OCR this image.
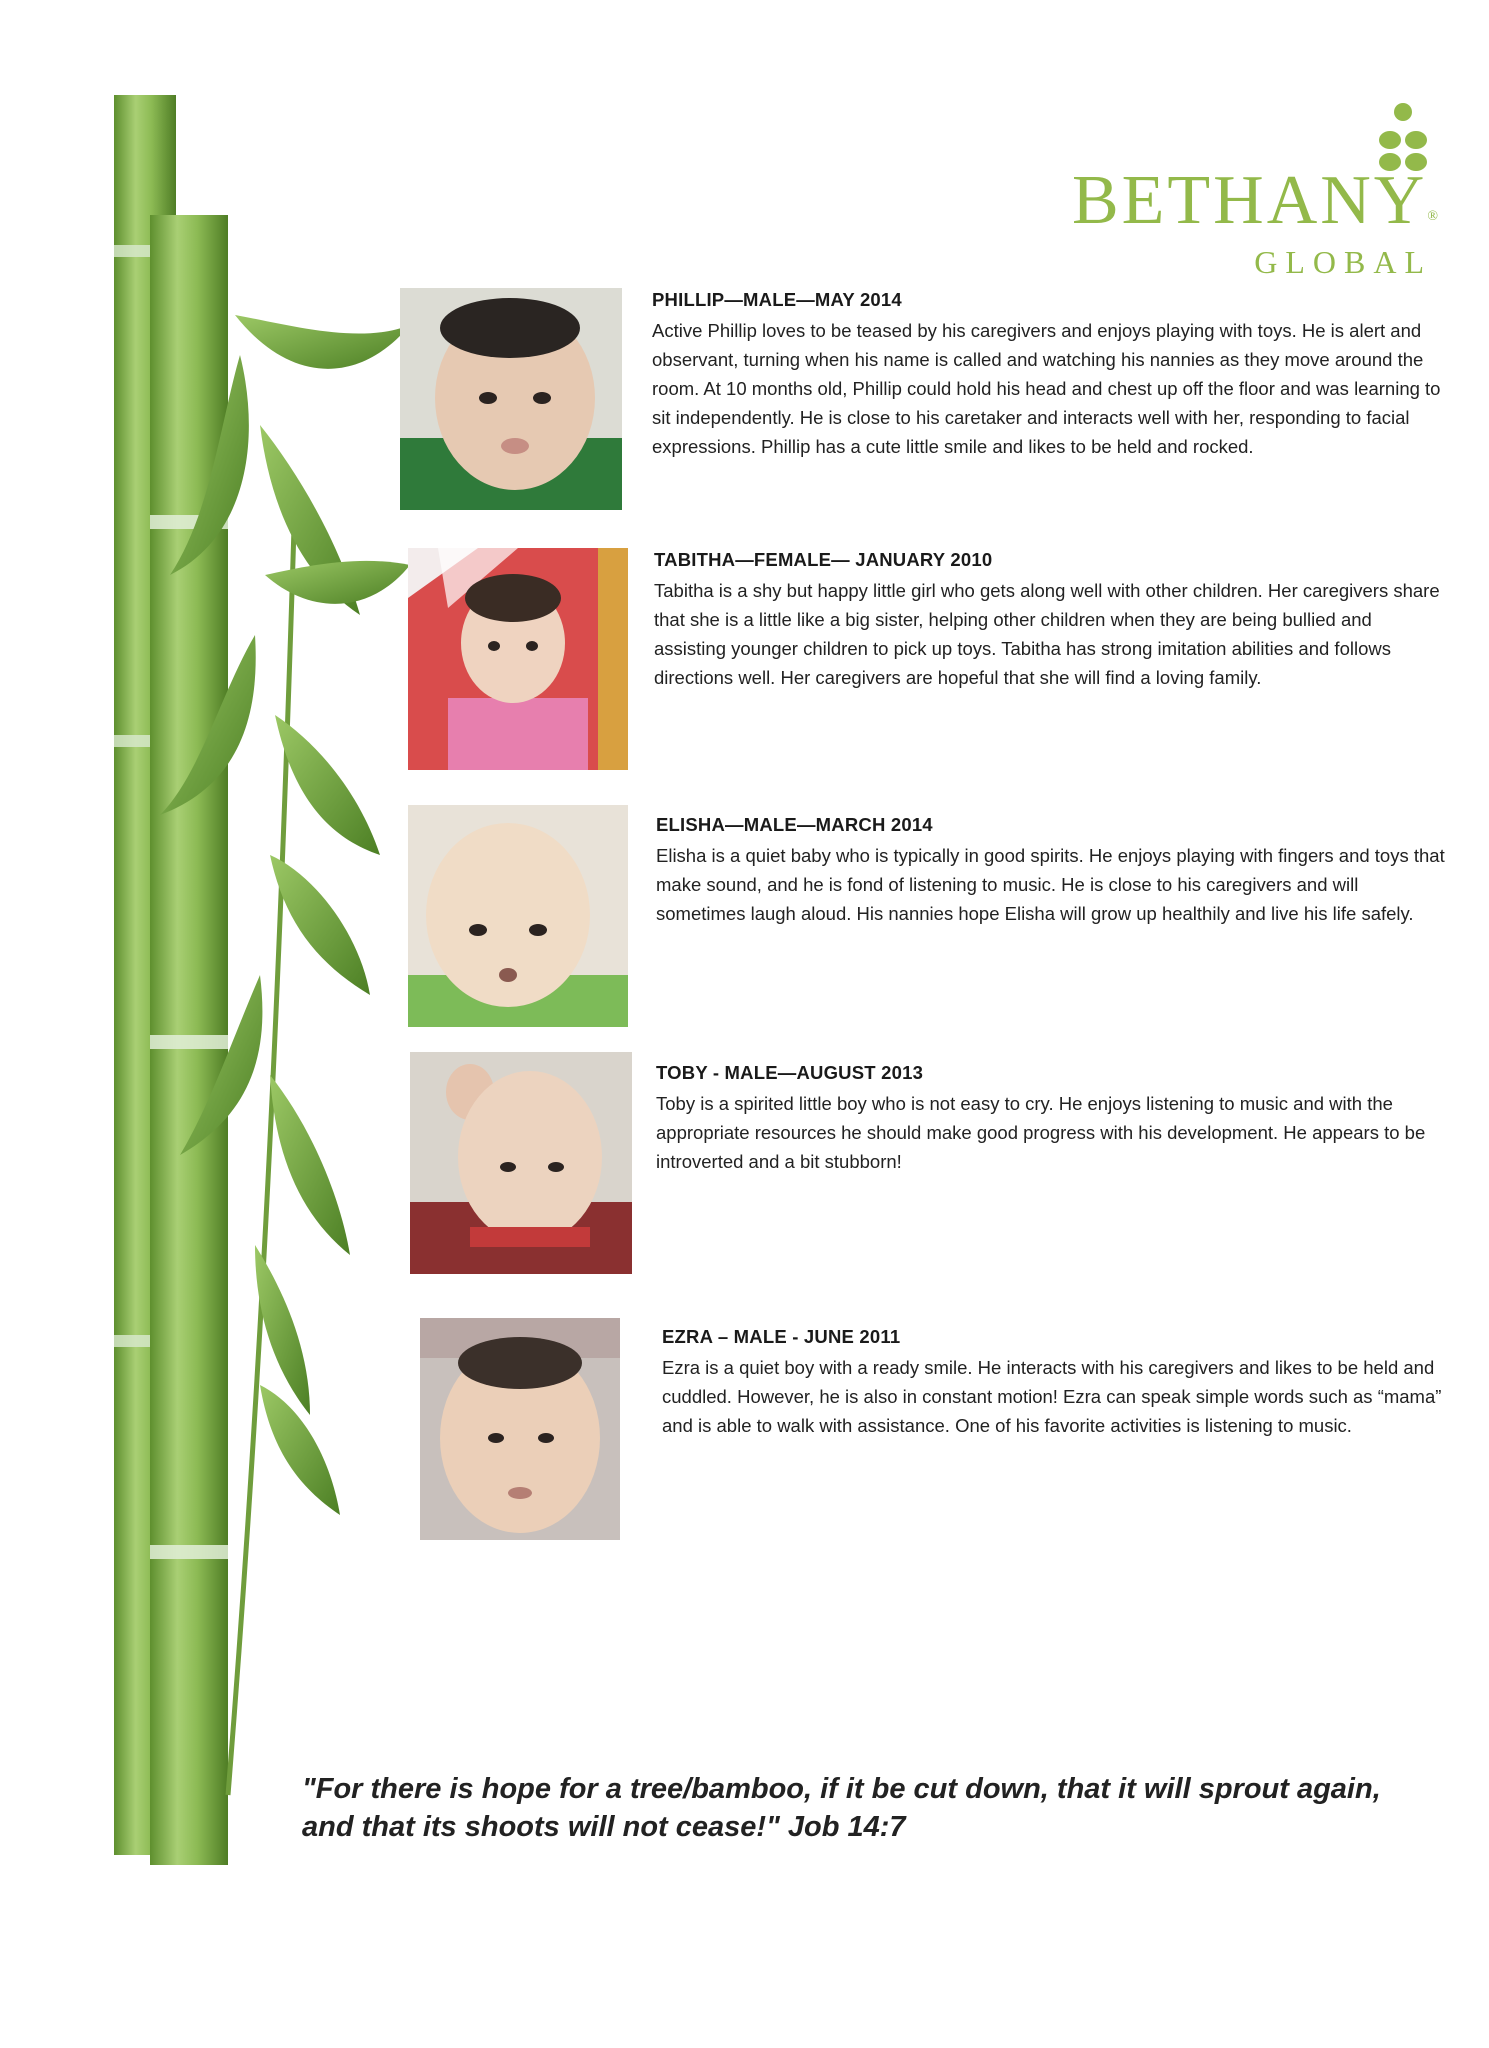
BETHANY®
GLOBAL

PHILLIP—MALE—MAY 2014

Active Phillip loves to be teased by his caregivers and enjoys playing with toys. He is alert and observant, turning when his name is called and watching his nannies as they move around the room. At 10 months old, Phillip could hold his head and chest up off the floor and was learning to sit independently. He is close to his caretaker and interacts well with her, responding to facial expressions. Phillip has a cute little smile and likes to be held and rocked.

TABITHA—FEMALE— JANUARY 2010

Tabitha is a shy but happy little girl who gets along well with other children. Her caregivers share that she is a little like a big sister, helping other children when they are being bullied and assisting younger children to pick up toys. Tabitha has strong imitation abilities and follows directions well. Her caregivers are hopeful that she will find a loving family.

ELISHA—MALE—MARCH 2014

Elisha is a quiet baby who is typically in good spirits. He enjoys playing with fingers and toys that make sound, and he is fond of listening to music. He is close to his caregivers and will sometimes laugh aloud. His nannies hope Elisha will grow up healthily and live his life safely.

TOBY - MALE—AUGUST 2013

Toby is a spirited little boy who is not easy to cry. He enjoys listening to music and with the appropriate resources he should make good progress with his development. He appears to be introverted and a bit stubborn!

EZRA – MALE - JUNE 2011

Ezra is a quiet boy with a ready smile. He interacts with his caregivers and likes to be held and cuddled. However, he is also in constant motion! Ezra can speak simple words such as “mama” and is able to walk with assistance. One of his favorite activities is listening to music.

"For there is hope for a tree/bamboo, if it be cut down, that it will sprout again,
and that its shoots will not cease!" Job 14:7
